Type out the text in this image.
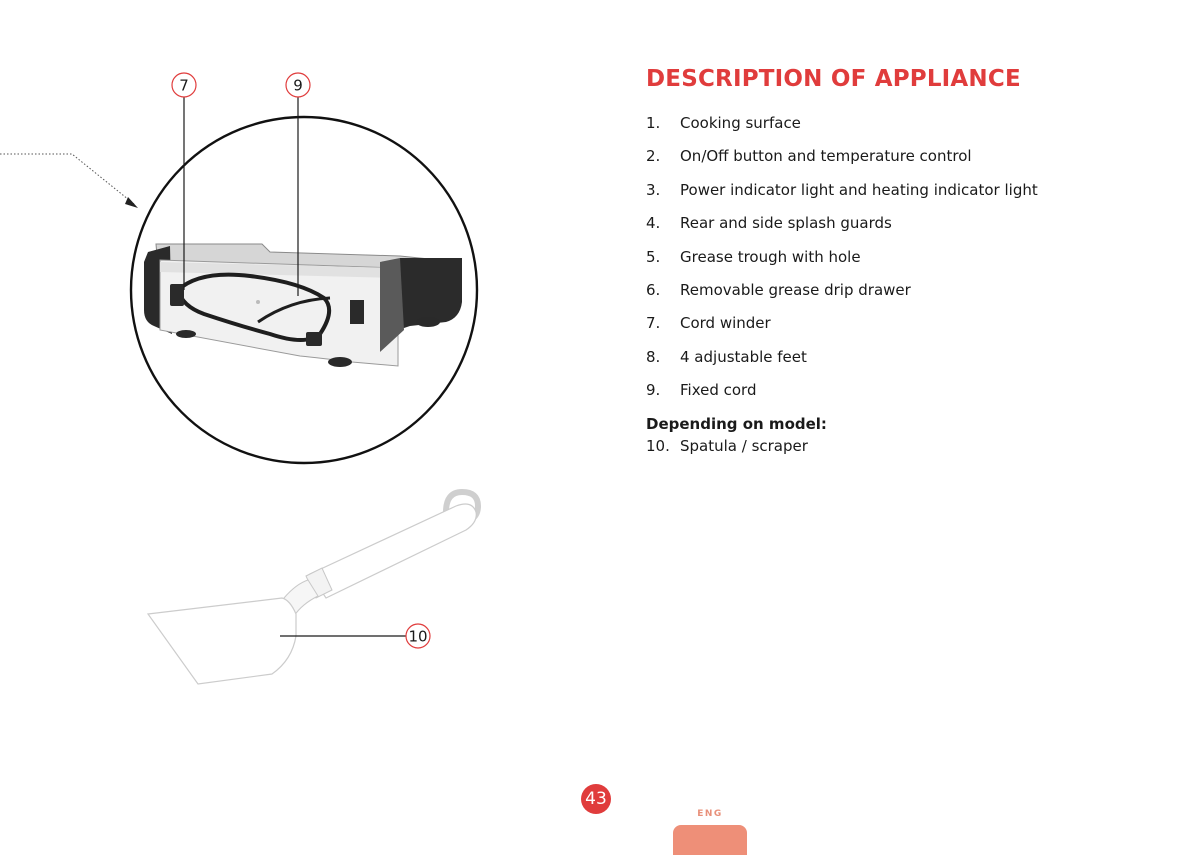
7	9
10
DESCRIPTION OF APPLIANCE
1.	Cooking surface
2.	On/Off button and temperature control
3.	Power indicator light and heating indicator light
4.	Rear and side splash guards
5.	Grease trough with hole
6.	Removable grease drip drawer
7.	Cord winder
8.	4 adjustable feet
9.	Fixed cord
Depending on model:
10. Spatula / scraper
43
ENG
